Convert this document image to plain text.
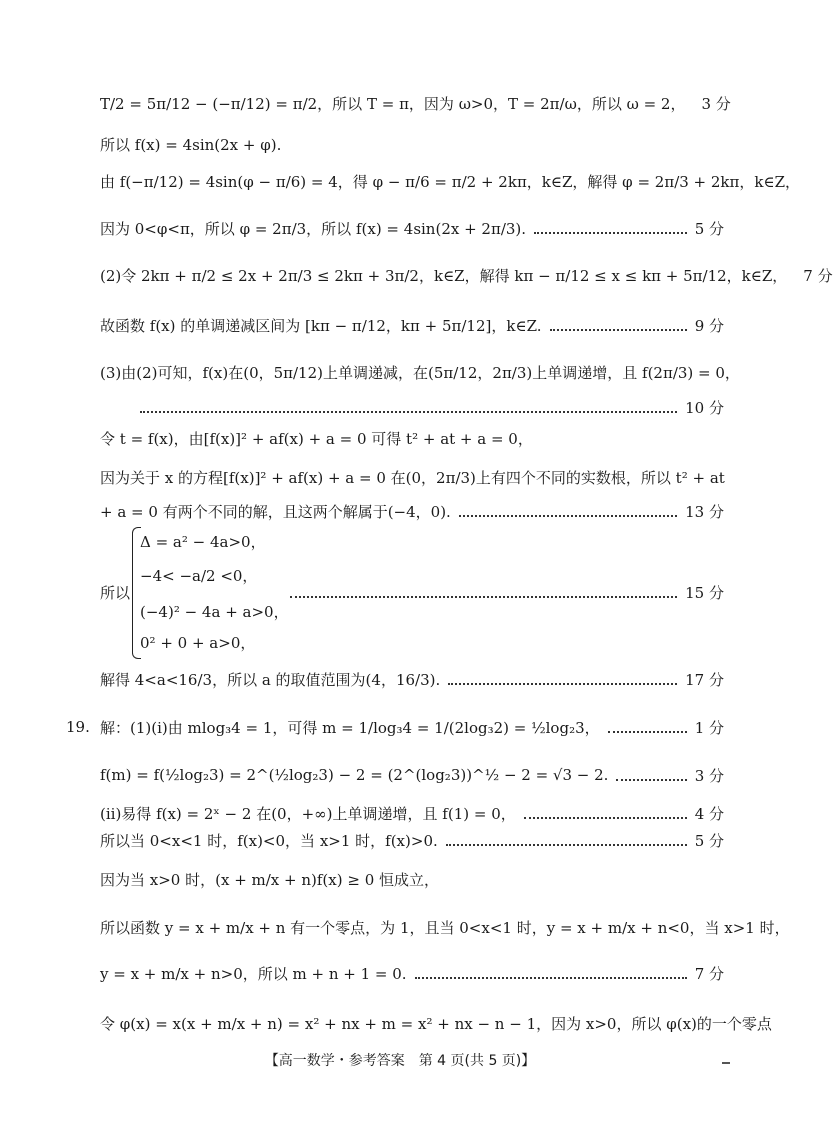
T/2 = 5π/12 − (−π/12) = π/2，所以 T = π，因为 ω>0，T = 2π/ω，所以 ω = 2， 3 分
所以 f(x) = 4sin(2x + φ).
由 f(−π/12) = 4sin(φ − π/6) = 4，得 φ − π/6 = π/2 + 2kπ，k∈Z，解得 φ = 2π/3 + 2kπ，k∈Z，
因为 0<φ<π，所以 φ = 2π/3，所以 f(x) = 4sin(2x + 2π/3).	5 分
(2)令 2kπ + π/2 ≤ 2x + 2π/3 ≤ 2kπ + 3π/2，k∈Z，解得 kπ − π/12 ≤ x ≤ kπ + 5π/12，k∈Z， 7 分
故函数 f(x) 的单调递减区间为 [kπ − π/12，kπ + 5π/12]，k∈Z.	9 分
(3)由(2)可知，f(x)在(0，5π/12)上单调递减，在(5π/12，2π/3)上单调递增，且 f(2π/3) = 0，
10 分
令 t = f(x)，由[f(x)]² + af(x) + a = 0 可得 t² + at + a = 0，
因为关于 x 的方程[f(x)]² + af(x) + a = 0 在(0，2π/3)上有四个不同的实数根，所以 t² + at
+ a = 0 有两个不同的解，且这两个解属于(−4，0).	13 分
所以	15 分
Δ = a² − 4a>0，
−4< −a/2 <0，
(−4)² − 4a + a>0，
0² + 0 + a>0，
解得 4<a<16/3，所以 a 的取值范围为(4，16/3).	17 分
19. 解：(1)(ⅰ)由 mlog₃4 = 1，可得 m = 1/log₃4 = 1/(2log₃2) = ½log₂3，	1 分
f(m) = f(½log₂3) = 2^(½log₂3) − 2 = (2^(log₂3))^½ − 2 = √3 − 2.	3 分
(ⅱ)易得 f(x) = 2ˣ − 2 在(0，+∞)上单调递增，且 f(1) = 0，	4 分
所以当 0<x<1 时，f(x)<0，当 x>1 时，f(x)>0.	5 分
因为当 x>0 时，(x + m/x + n)f(x) ≥ 0 恒成立，
所以函数 y = x + m/x + n 有一个零点，为 1，且当 0<x<1 时，y = x + m/x + n<0，当 x>1 时，
y = x + m/x + n>0，所以 m + n + 1 = 0.	7 分
令 φ(x) = x(x + m/x + n) = x² + nx + m = x² + nx − n − 1，因为 x>0，所以 φ(x)的一个零点
【高一数学・参考答案　第 4 页(共 5 页)】
